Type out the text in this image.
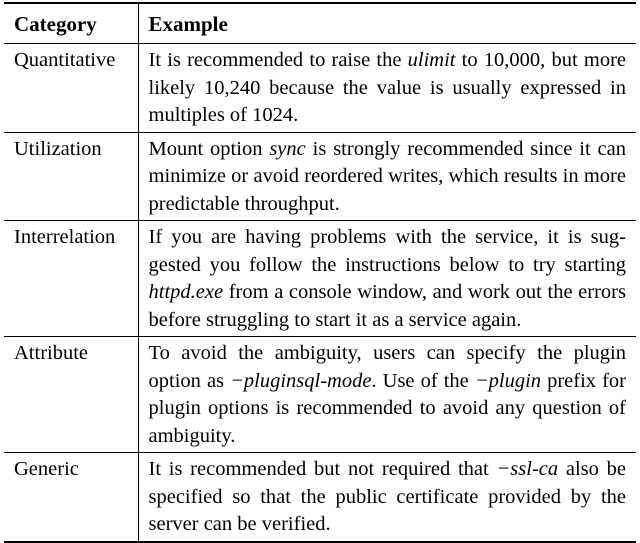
Category	Example
Quantitative	It is recommended to raise the ulimit to 10,000, but more likely 10,240 because the value is usually expressed in multiples of 1024.
Utilization	Mount option sync is strongly recommended since it can minimize or avoid reordered writes, which results in more predictable throughput.
Interrelation	If you are having problems with the service, it is suggested you follow the instructions below to try starting httpd.exe from a console window, and work out the errors before struggling to start it as a service again.
Attribute	To avoid the ambiguity, users can specify the plugin option as −pluginsql-mode. Use of the −plugin prefix for plugin options is recommended to avoid any question of ambiguity.
Generic	It is recommended but not required that −ssl-ca also be specified so that the public certificate provided by the server can be verified.
